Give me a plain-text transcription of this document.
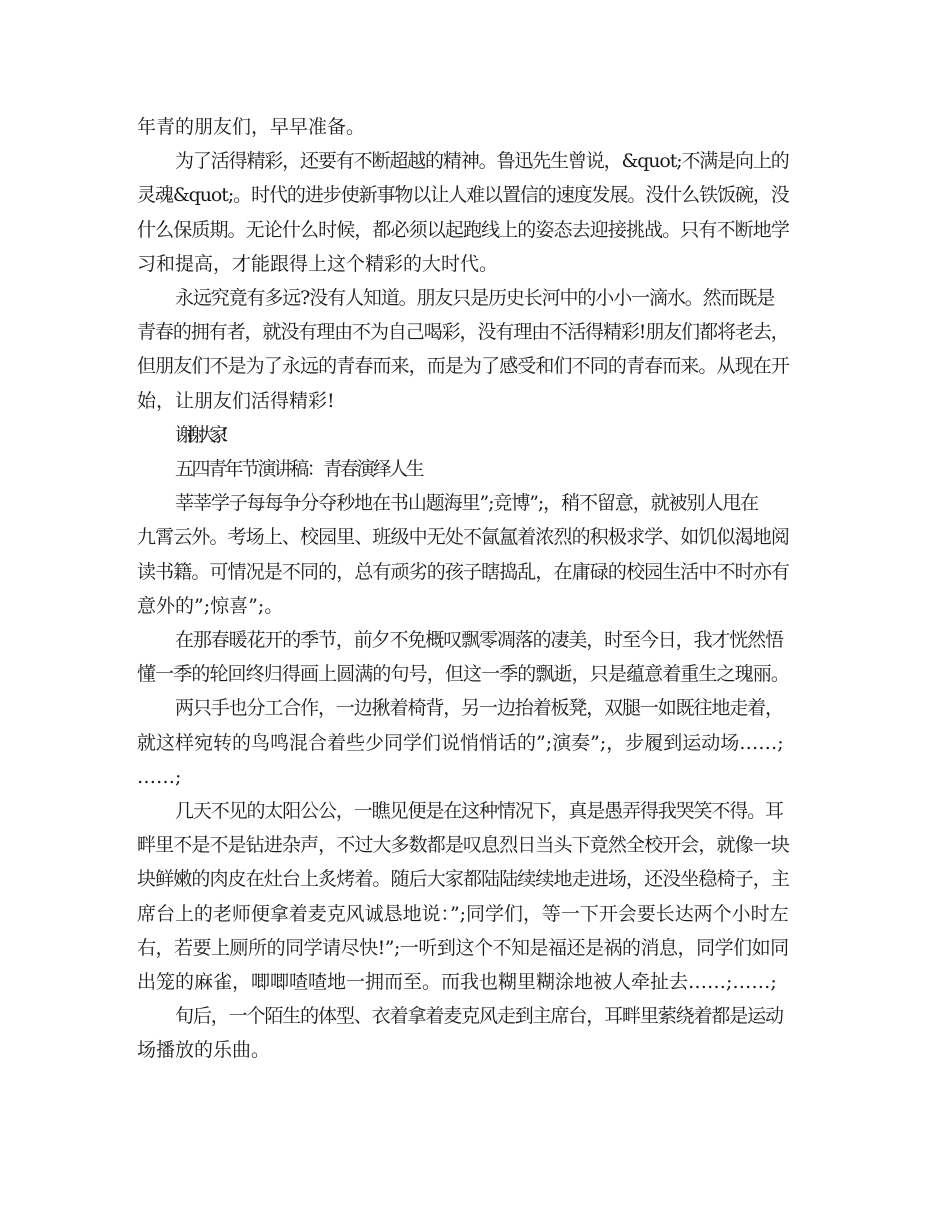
年青的朋友们，早早准备。

为了活得精彩，还要有不断超越的精神。鲁迅先生曾说，&quot;不满是向上的
灵魂&quot;。时代的进步使新事物以让人难以置信的速度发展。没什么铁饭碗，没
什么保质期。无论什么时候，都必须以起跑线上的姿态去迎接挑战。只有不断地学
习和提高，才能跟得上这个精彩的大时代。

永远究竟有多远?没有人知道。朋友只是历史长河中的小小一滴水。然而既是
青春的拥有者，就没有理由不为自己喝彩，没有理由不活得精彩!朋友们都将老去，
但朋友们不是为了永远的青春而来，而是为了感受和们不同的青春而来。从现在开
始，让朋友们活得精彩!

谢谢大家!

五四青年节演讲稿：青春演绎人生

莘莘学子每每争分夺秒地在书山题海里”;竞博”;，稍不留意，就被别人甩在
九霄云外。考场上、校园里、班级中无处不氤氲着浓烈的积极求学、如饥似渴地阅
读书籍。可情况是不同的，总有顽劣的孩子瞎捣乱，在庸碌的校园生活中不时亦有
意外的”;惊喜”;。

在那春暖花开的季节，前夕不免概叹飘零凋落的凄美，时至今日，我才恍然悟
懂一季的轮回终归得画上圆满的句号，但这一季的飘逝，只是蕴意着重生之瑰丽。

两只手也分工合作，一边揪着椅背，另一边抬着板凳，双腿一如既往地走着，
就这样宛转的鸟鸣混合着些少同学们说悄悄话的”;演奏”;，步履到运动场……;
……;

几天不见的太阳公公，一瞧见便是在这种情况下，真是愚弄得我哭笑不得。耳
畔里不是不是钻进杂声，不过大多数都是叹息烈日当头下竟然全校开会，就像一块
块鲜嫩的肉皮在灶台上炙烤着。随后大家都陆陆续续地走进场，还没坐稳椅子，主
席台上的老师便拿着麦克风诚恳地说：”;同学们，等一下开会要长达两个小时左
右，若要上厕所的同学请尽快!”;一听到这个不知是福还是祸的消息，同学们如同
出笼的麻雀，唧唧喳喳地一拥而至。而我也糊里糊涂地被人牵扯去……;……;

旬后，一个陌生的体型、衣着拿着麦克风走到主席台，耳畔里萦绕着都是运动
场播放的乐曲。
